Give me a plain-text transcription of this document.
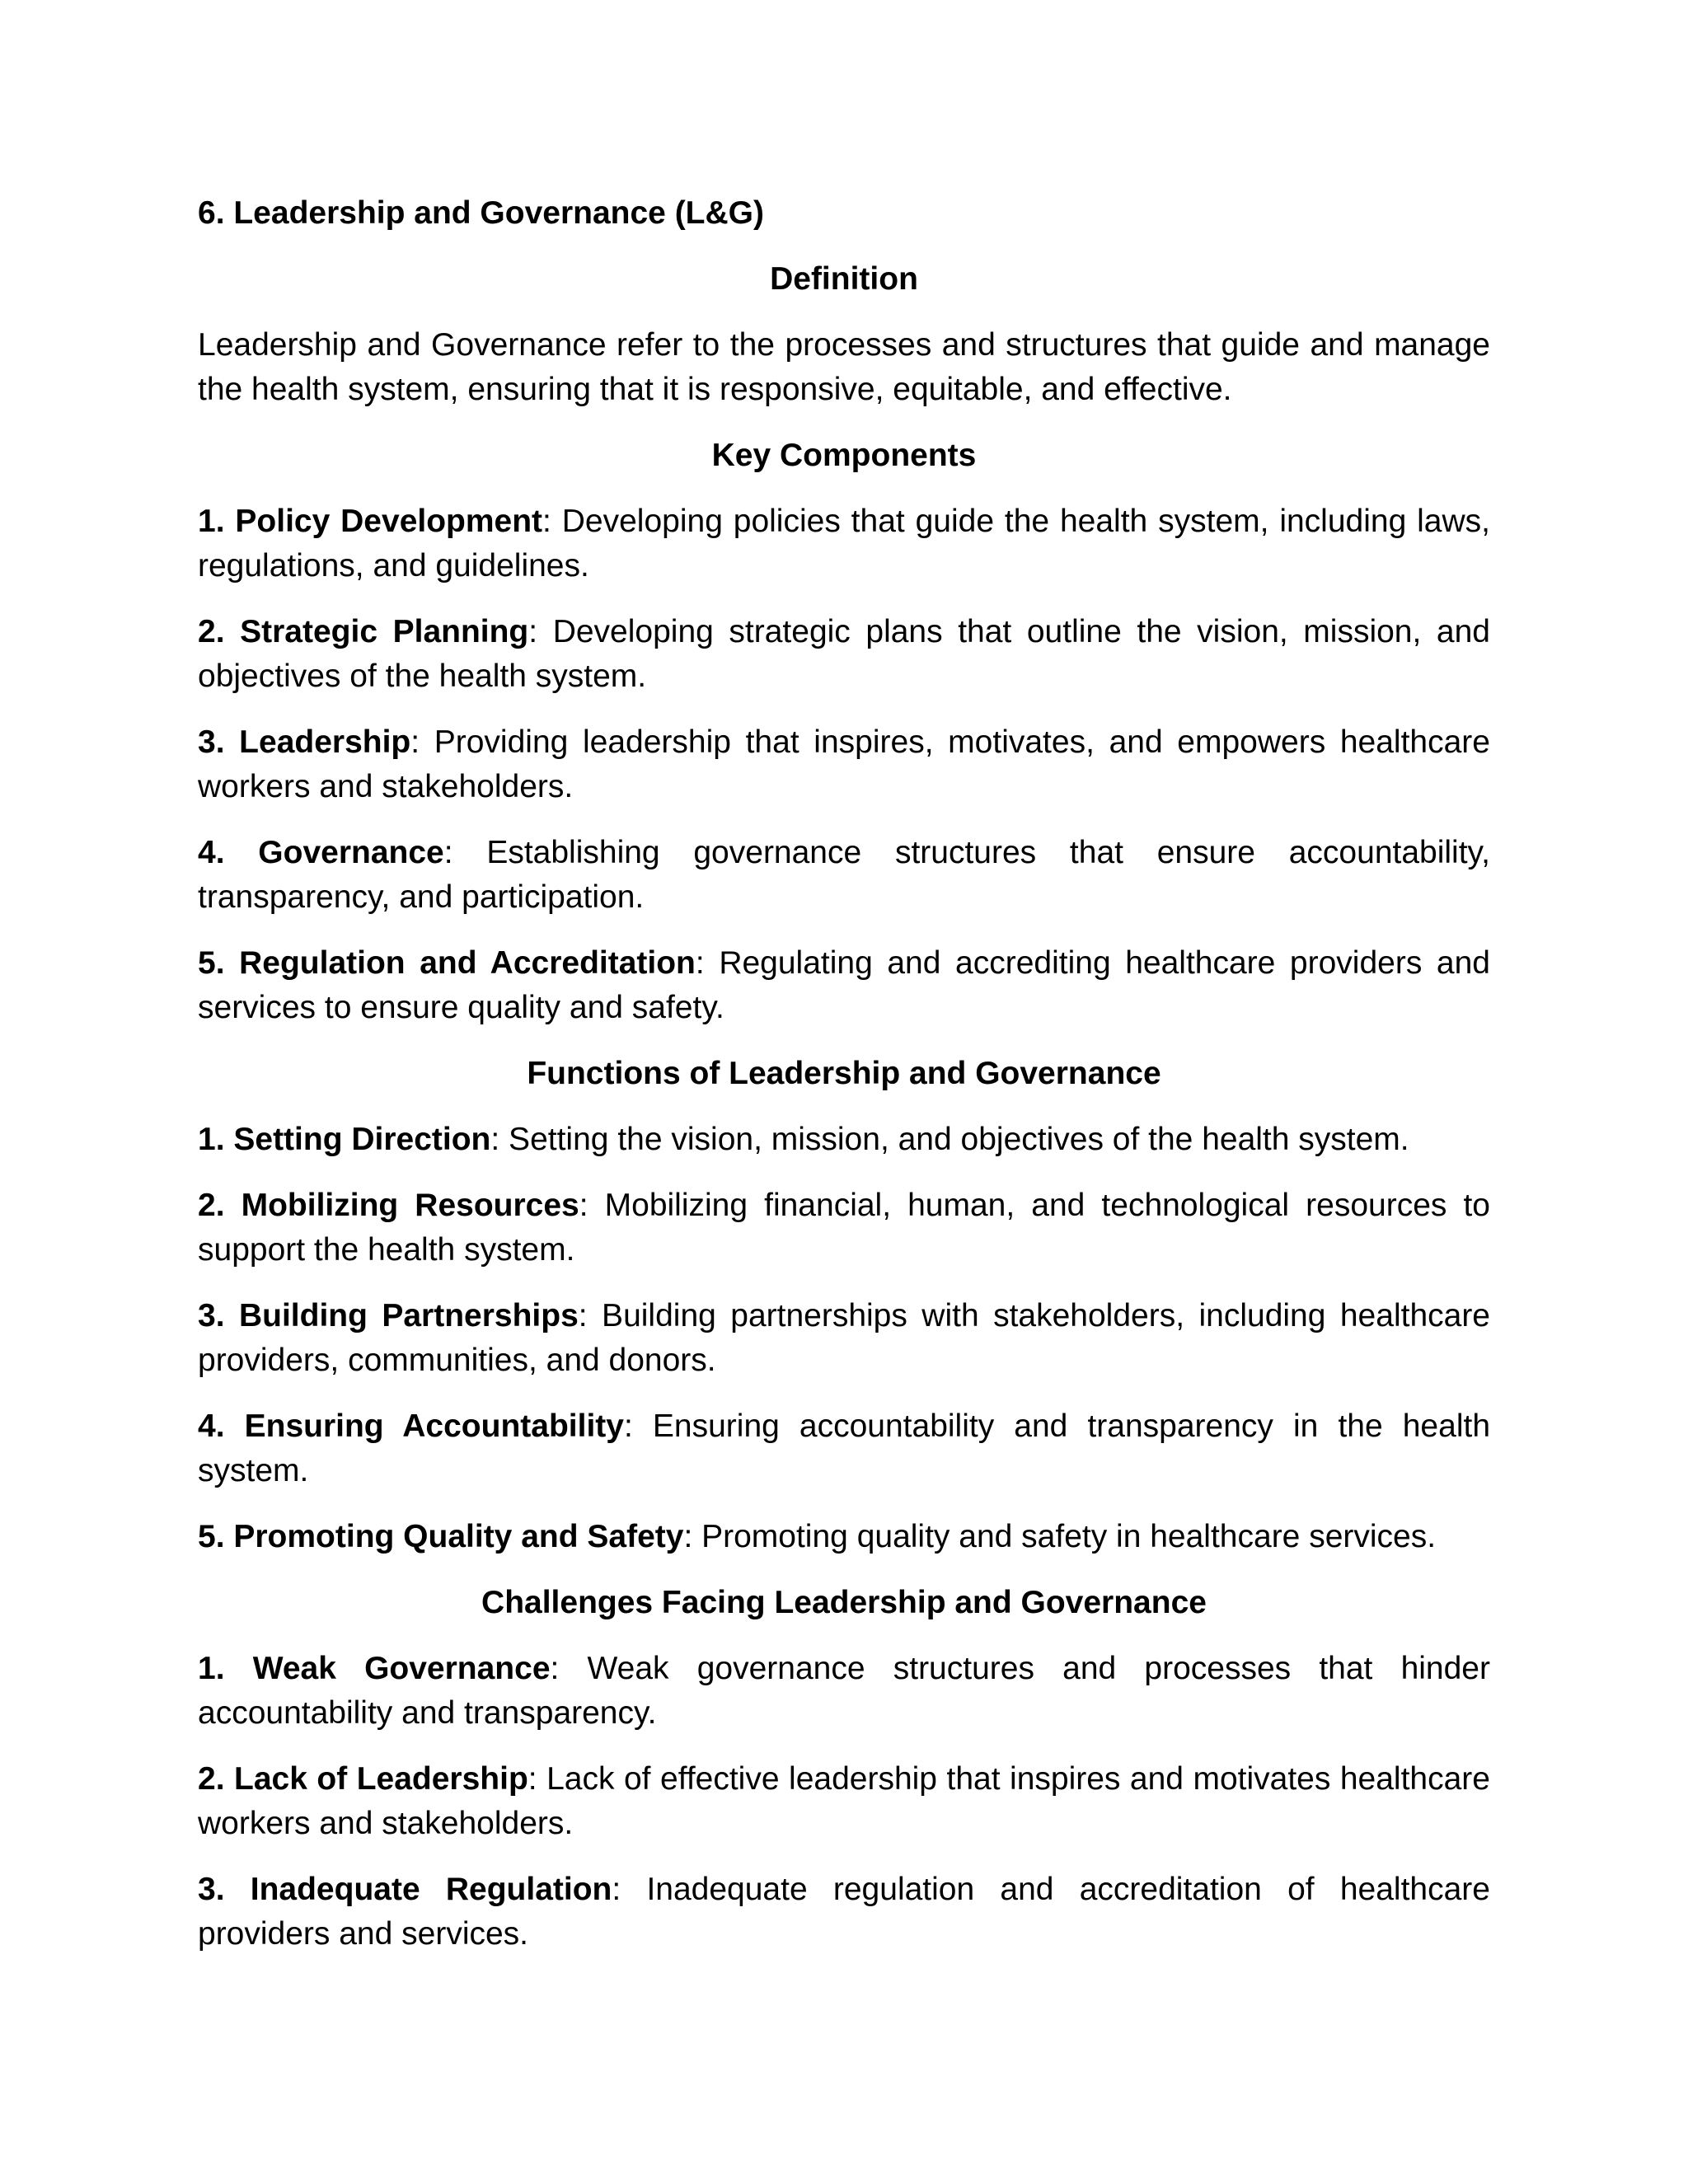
6. Leadership and Governance (L&G)
Definition
Leadership and Governance refer to the processes and structures that guide and manage the health system, ensuring that it is responsive, equitable, and effective.
Key Components
1. Policy Development: Developing policies that guide the health system, including laws, regulations, and guidelines.
2. Strategic Planning: Developing strategic plans that outline the vision, mission, and objectives of the health system.
3. Leadership: Providing leadership that inspires, motivates, and empowers healthcare workers and stakeholders.
4. Governance: Establishing governance structures that ensure accountability, transparency, and participation.
5. Regulation and Accreditation: Regulating and accrediting healthcare providers and services to ensure quality and safety.
Functions of Leadership and Governance
1. Setting Direction: Setting the vision, mission, and objectives of the health system.
2. Mobilizing Resources: Mobilizing financial, human, and technological resources to support the health system.
3. Building Partnerships: Building partnerships with stakeholders, including healthcare providers, communities, and donors.
4. Ensuring Accountability: Ensuring accountability and transparency in the health system.
5. Promoting Quality and Safety: Promoting quality and safety in healthcare services.
Challenges Facing Leadership and Governance
1. Weak Governance: Weak governance structures and processes that hinder accountability and transparency.
2. Lack of Leadership: Lack of effective leadership that inspires and motivates healthcare workers and stakeholders.
3. Inadequate Regulation: Inadequate regulation and accreditation of healthcare providers and services.
